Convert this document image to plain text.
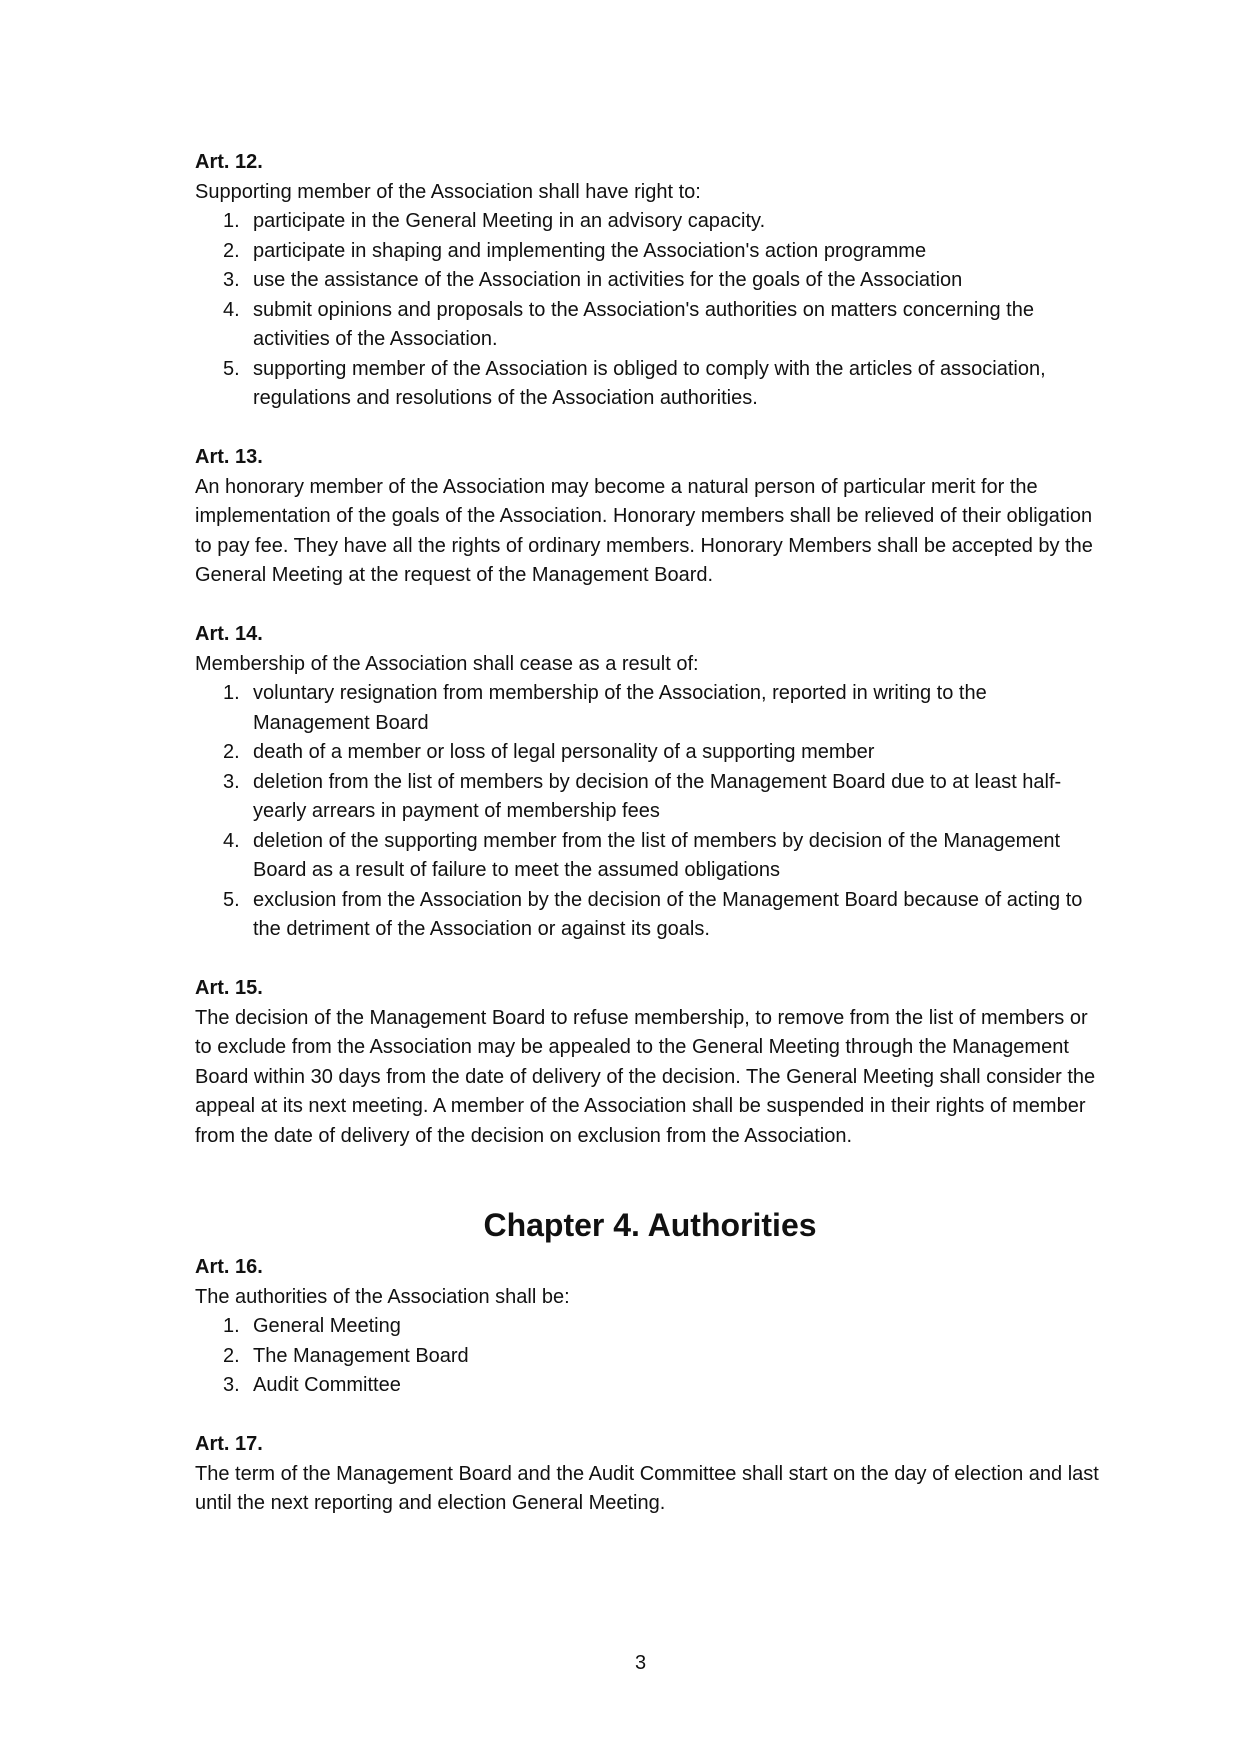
Art. 12.
Supporting member of the Association shall have right to:
1. participate in the General Meeting in an advisory capacity.
2. participate in shaping and implementing the Association's action programme
3. use the assistance of the Association in activities for the goals of the Association
4. submit opinions and proposals to the Association's authorities on matters concerning the activities of the Association.
5. supporting member of the Association is obliged to comply with the articles of association, regulations and resolutions of the Association authorities.
Art. 13.
An honorary member of the Association may become a natural person of particular merit for the implementation of the goals of the Association. Honorary members shall be relieved of their obligation to pay fee. They have all the rights of ordinary members. Honorary Members shall be accepted by the General Meeting at the request of the Management Board.
Art. 14.
Membership of the Association shall cease as a result of:
1. voluntary resignation from membership of the Association, reported in writing to the Management Board
2. death of a member or loss of legal personality of a supporting member
3. deletion from the list of members by decision of the Management Board due to at least half-yearly arrears in payment of membership fees
4. deletion of the supporting member from the list of members by decision of the Management Board as a result of failure to meet the assumed obligations
5. exclusion from the Association by the decision of the Management Board because of acting to the detriment of the Association or against its goals.
Art. 15.
The decision of the Management Board to refuse membership, to remove from the list of members or to exclude from the Association may be appealed to the General Meeting through the Management Board within 30 days from the date of delivery of the decision. The General Meeting shall consider the appeal at its next meeting. A member of the Association shall be suspended in their rights of member from the date of delivery of the decision on exclusion from the Association.
Chapter 4. Authorities
Art. 16.
The authorities of the Association shall be:
1. General Meeting
2. The Management Board
3. Audit Committee
Art. 17.
The term of the Management Board and the Audit Committee shall start on the day of election and last until the next reporting and election General Meeting.
3
